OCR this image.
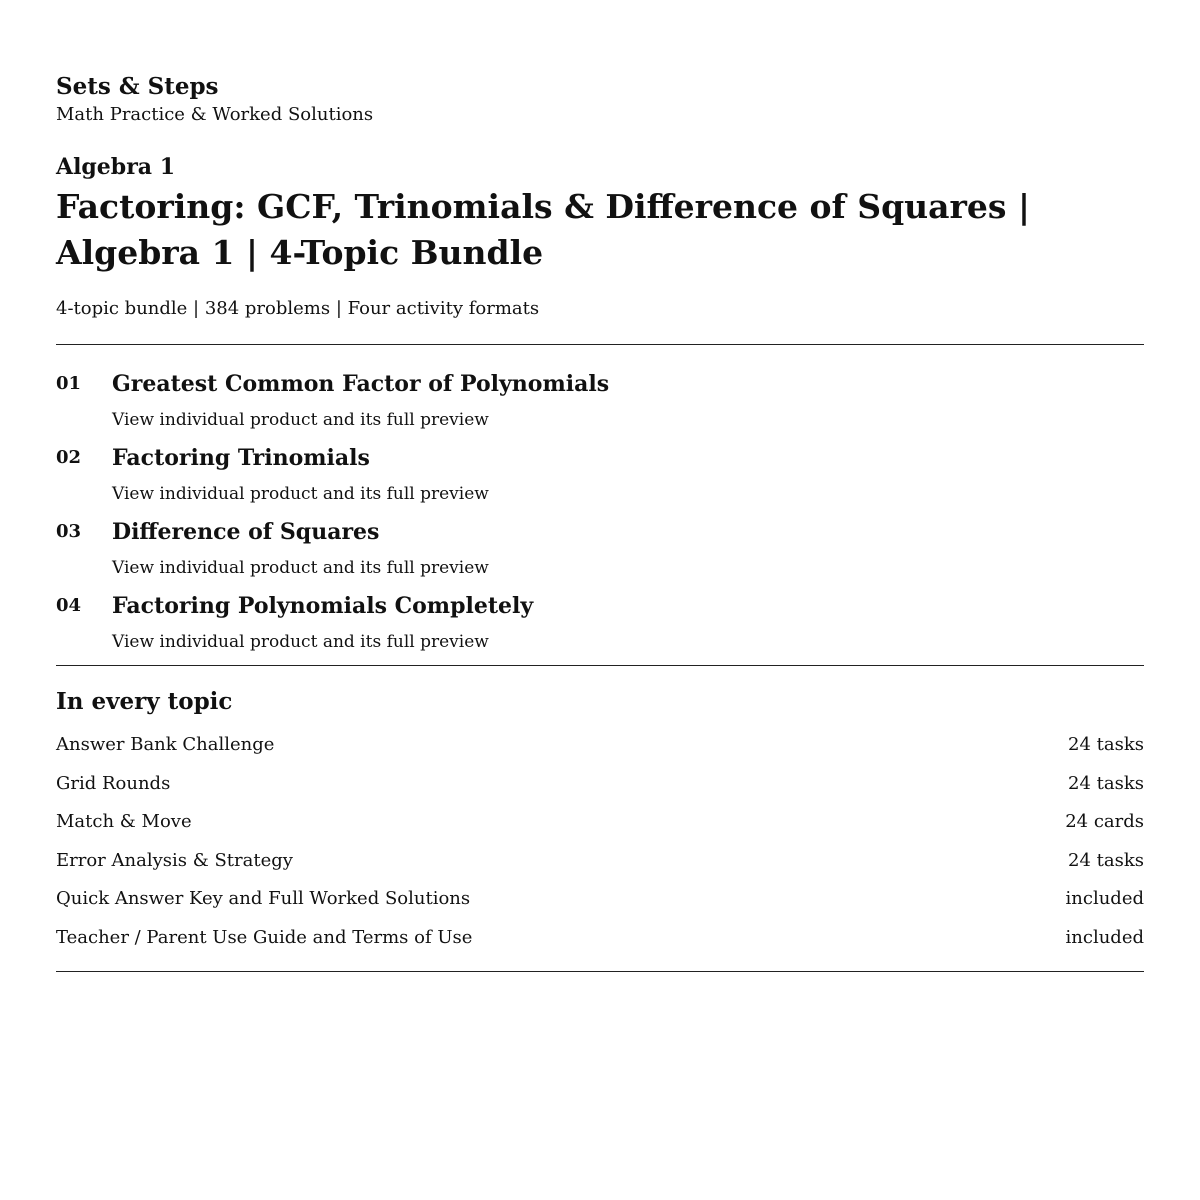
Sets & Steps

Math Practice & Worked Solutions

Algebra 1

Factoring: GCF, Trinomials & Difference of Squares | Algebra 1 | 4-Topic Bundle

4-topic bundle | 384 problems | Four activity formats

01	Greatest Common Factor of Polynomials
View individual product and its full preview
02	Factoring Trinomials
View individual product and its full preview
03	Difference of Squares
View individual product and its full preview
04	Factoring Polynomials Completely
View individual product and its full preview
In every topic
Answer Bank Challenge	24 tasks
Grid Rounds	24 tasks
Match & Move	24 cards
Error Analysis & Strategy	24 tasks
Quick Answer Key and Full Worked Solutions	included
Teacher / Parent Use Guide and Terms of Use	included
